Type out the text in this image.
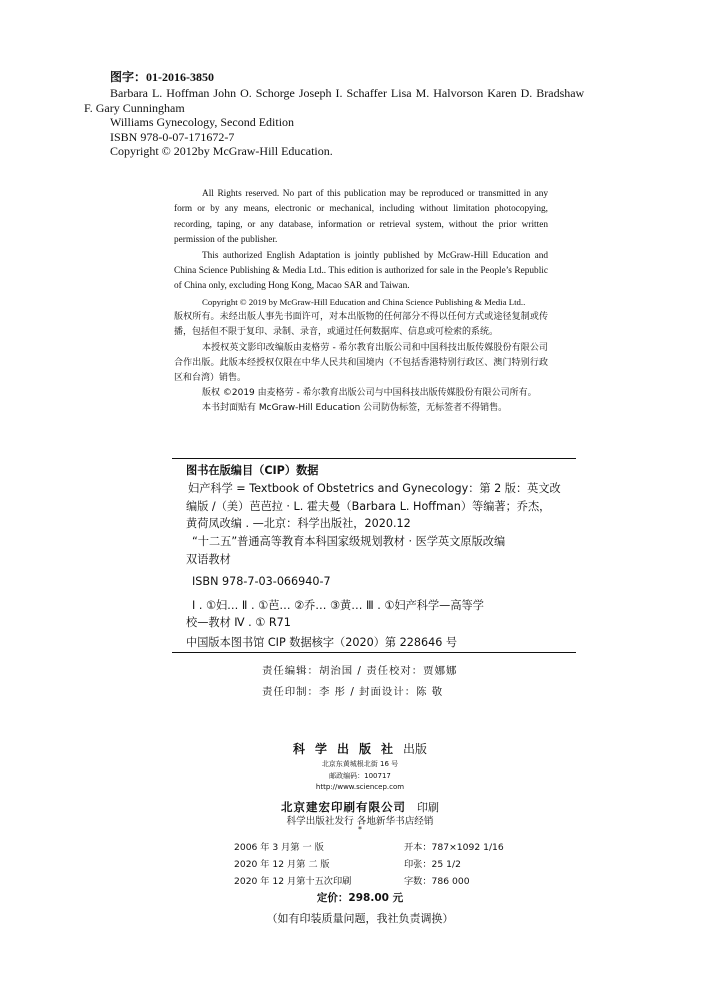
图字：01-2016-3850
Barbara L. Hoffman John O. Schorge Joseph I. Schaffer Lisa M. Halvorson Karen D. Bradshaw
F. Gary Cunningham
Williams Gynecology, Second Edition
ISBN 978-0-07-171672-7
Copyright © 2012by McGraw-Hill Education.

All Rights reserved. No part of this publication may be reproduced or transmitted in any form or by any means, electronic or mechanical, including without limitation photocopying, recording, taping, or any database, information or retrieval system, without the prior written permission of the publisher.

This authorized English Adaptation is jointly published by McGraw-Hill Education and China Science Publishing & Media Ltd.. This edition is authorized for sale in the People’s Republic of China only, excluding Hong Kong, Macao SAR and Taiwan.

Copyright © 2019 by McGraw-Hill Education and China Science Publishing & Media Ltd..

版权所有。未经出版人事先书面许可，对本出版物的任何部分不得以任何方式或途径复制或传播，包括但不限于复印、录制、录音，或通过任何数据库、信息或可检索的系统。

本授权英文影印改编版由麦格劳 - 希尔教育出版公司和中国科技出版传媒股份有限公司合作出版。此版本经授权仅限在中华人民共和国境内（不包括香港特别行政区、澳门特别行政区和台湾）销售。

版权 ©2019 由麦格劳 - 希尔教育出版公司与中国科技出版传媒股份有限公司所有。

本书封面贴有 McGraw-Hill Education 公司防伪标签，无标签者不得销售。

图书在版编目（CIP）数据
妇产科学 = Textbook of Obstetrics and Gynecology：第 2 版：英文改
编版 /（美）芭芭拉 · L. 霍夫曼（Barbara L. Hoffman）等编著；乔杰，
黄荷凤改编 . —北京：科学出版社，2020.12
“十二五”普通高等教育本科国家级规划教材 · 医学英文原版改编
双语教材
ISBN 978-7-03-066940-7
Ⅰ . ①妇… Ⅱ . ①芭… ②乔… ③黄… Ⅲ . ①妇产科学—高等学
校—教材 Ⅳ . ① R71
中国版本图书馆 CIP 数据核字（2020）第 228646 号
责任编辑：胡治国 / 责任校对：贾娜娜
责任印制：李 彤 / 封面设计：陈 敬
科学出版社出版
北京东黄城根北街 16 号
邮政编码：100717
http://www.sciencep.com
北京建宏印刷有限公司 印刷
科学出版社发行 各地新华书店经销
*
2006 年 3 月第 一 版	开本：787×1092 1/16
2020 年 12 月第 二 版	印张：25 1/2
2020 年 12 月第十五次印刷	字数：786 000
定价：298.00 元
（如有印装质量问题，我社负责调换）
